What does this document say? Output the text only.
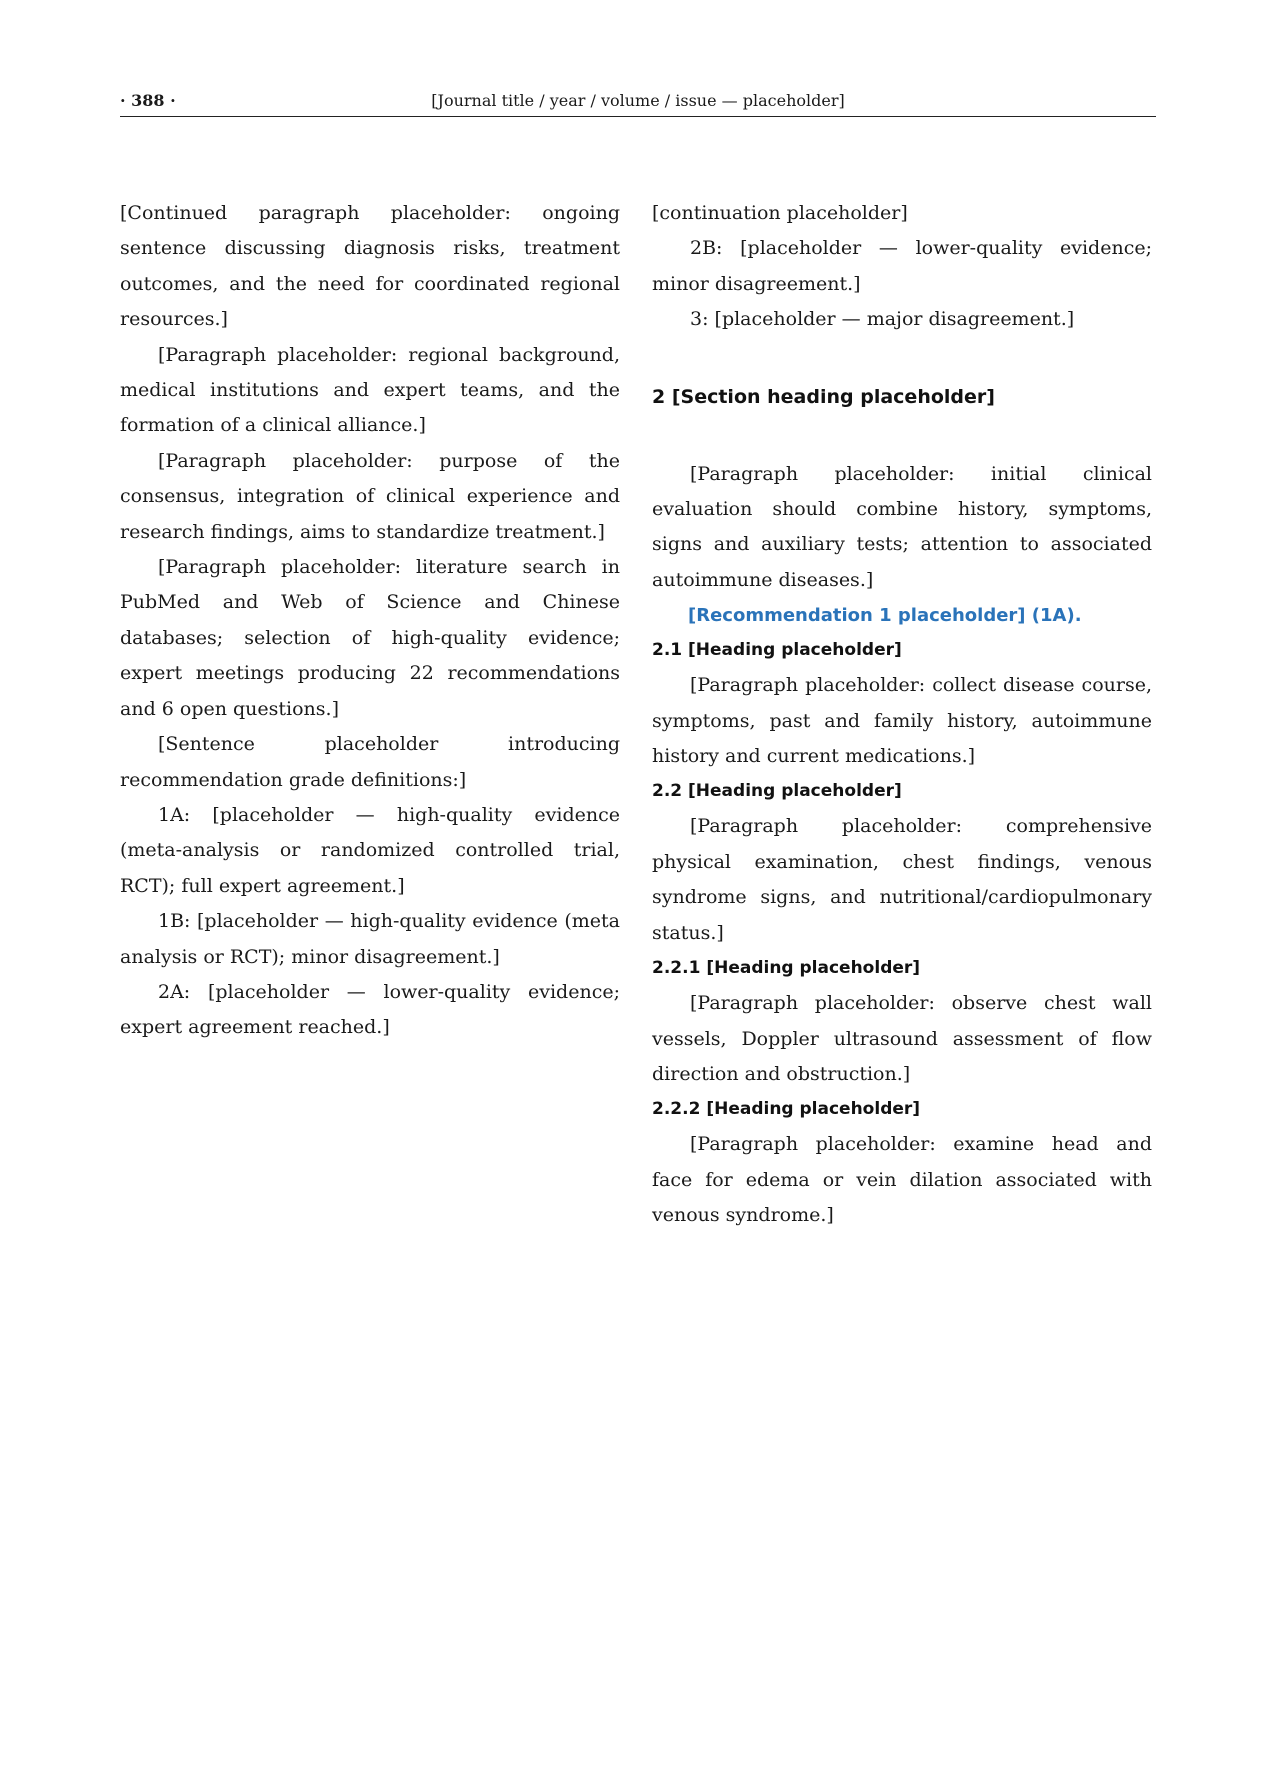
· 388 ·	[Journal title / year / volume / issue — placeholder]

[Continued paragraph placeholder: ongoing sentence discussing diagnosis risks, treatment outcomes, and the need for coordinated regional resources.]

[Paragraph placeholder: regional background, medical institutions and expert teams, and the formation of a clinical alliance.]

[Paragraph placeholder: purpose of the consensus, integration of clinical experience and research findings, aims to standardize treatment.]

[Paragraph placeholder: literature search in PubMed and Web of Science and Chinese databases; selection of high-quality evidence; expert meetings producing 22 recommendations and 6 open questions.]

[Sentence placeholder introducing recommendation grade definitions:]

1A: [placeholder — high-quality evidence (meta-analysis or randomized controlled trial, RCT); full expert agreement.]

1B: [placeholder — high-quality evidence (meta analysis or RCT); minor disagreement.]

2A: [placeholder — lower-quality evidence; expert agreement reached.]

[continuation placeholder]

2B: [placeholder — lower-quality evidence; minor disagreement.]

3: [placeholder — major disagreement.]

2 [Section heading placeholder]

[Paragraph placeholder: initial clinical evaluation should combine history, symptoms, signs and auxiliary tests; attention to associated autoimmune diseases.]

[Recommendation 1 placeholder] (1A).

2.1 [Heading placeholder]

[Paragraph placeholder: collect disease course, symptoms, past and family history, autoimmune history and current medications.]

2.2 [Heading placeholder]

[Paragraph placeholder: comprehensive physical examination, chest findings, venous syndrome signs, and nutritional/cardiopulmonary status.]

2.2.1 [Heading placeholder]

[Paragraph placeholder: observe chest wall vessels, Doppler ultrasound assessment of flow direction and obstruction.]

2.2.2 [Heading placeholder]

[Paragraph placeholder: examine head and face for edema or vein dilation associated with venous syndrome.]
